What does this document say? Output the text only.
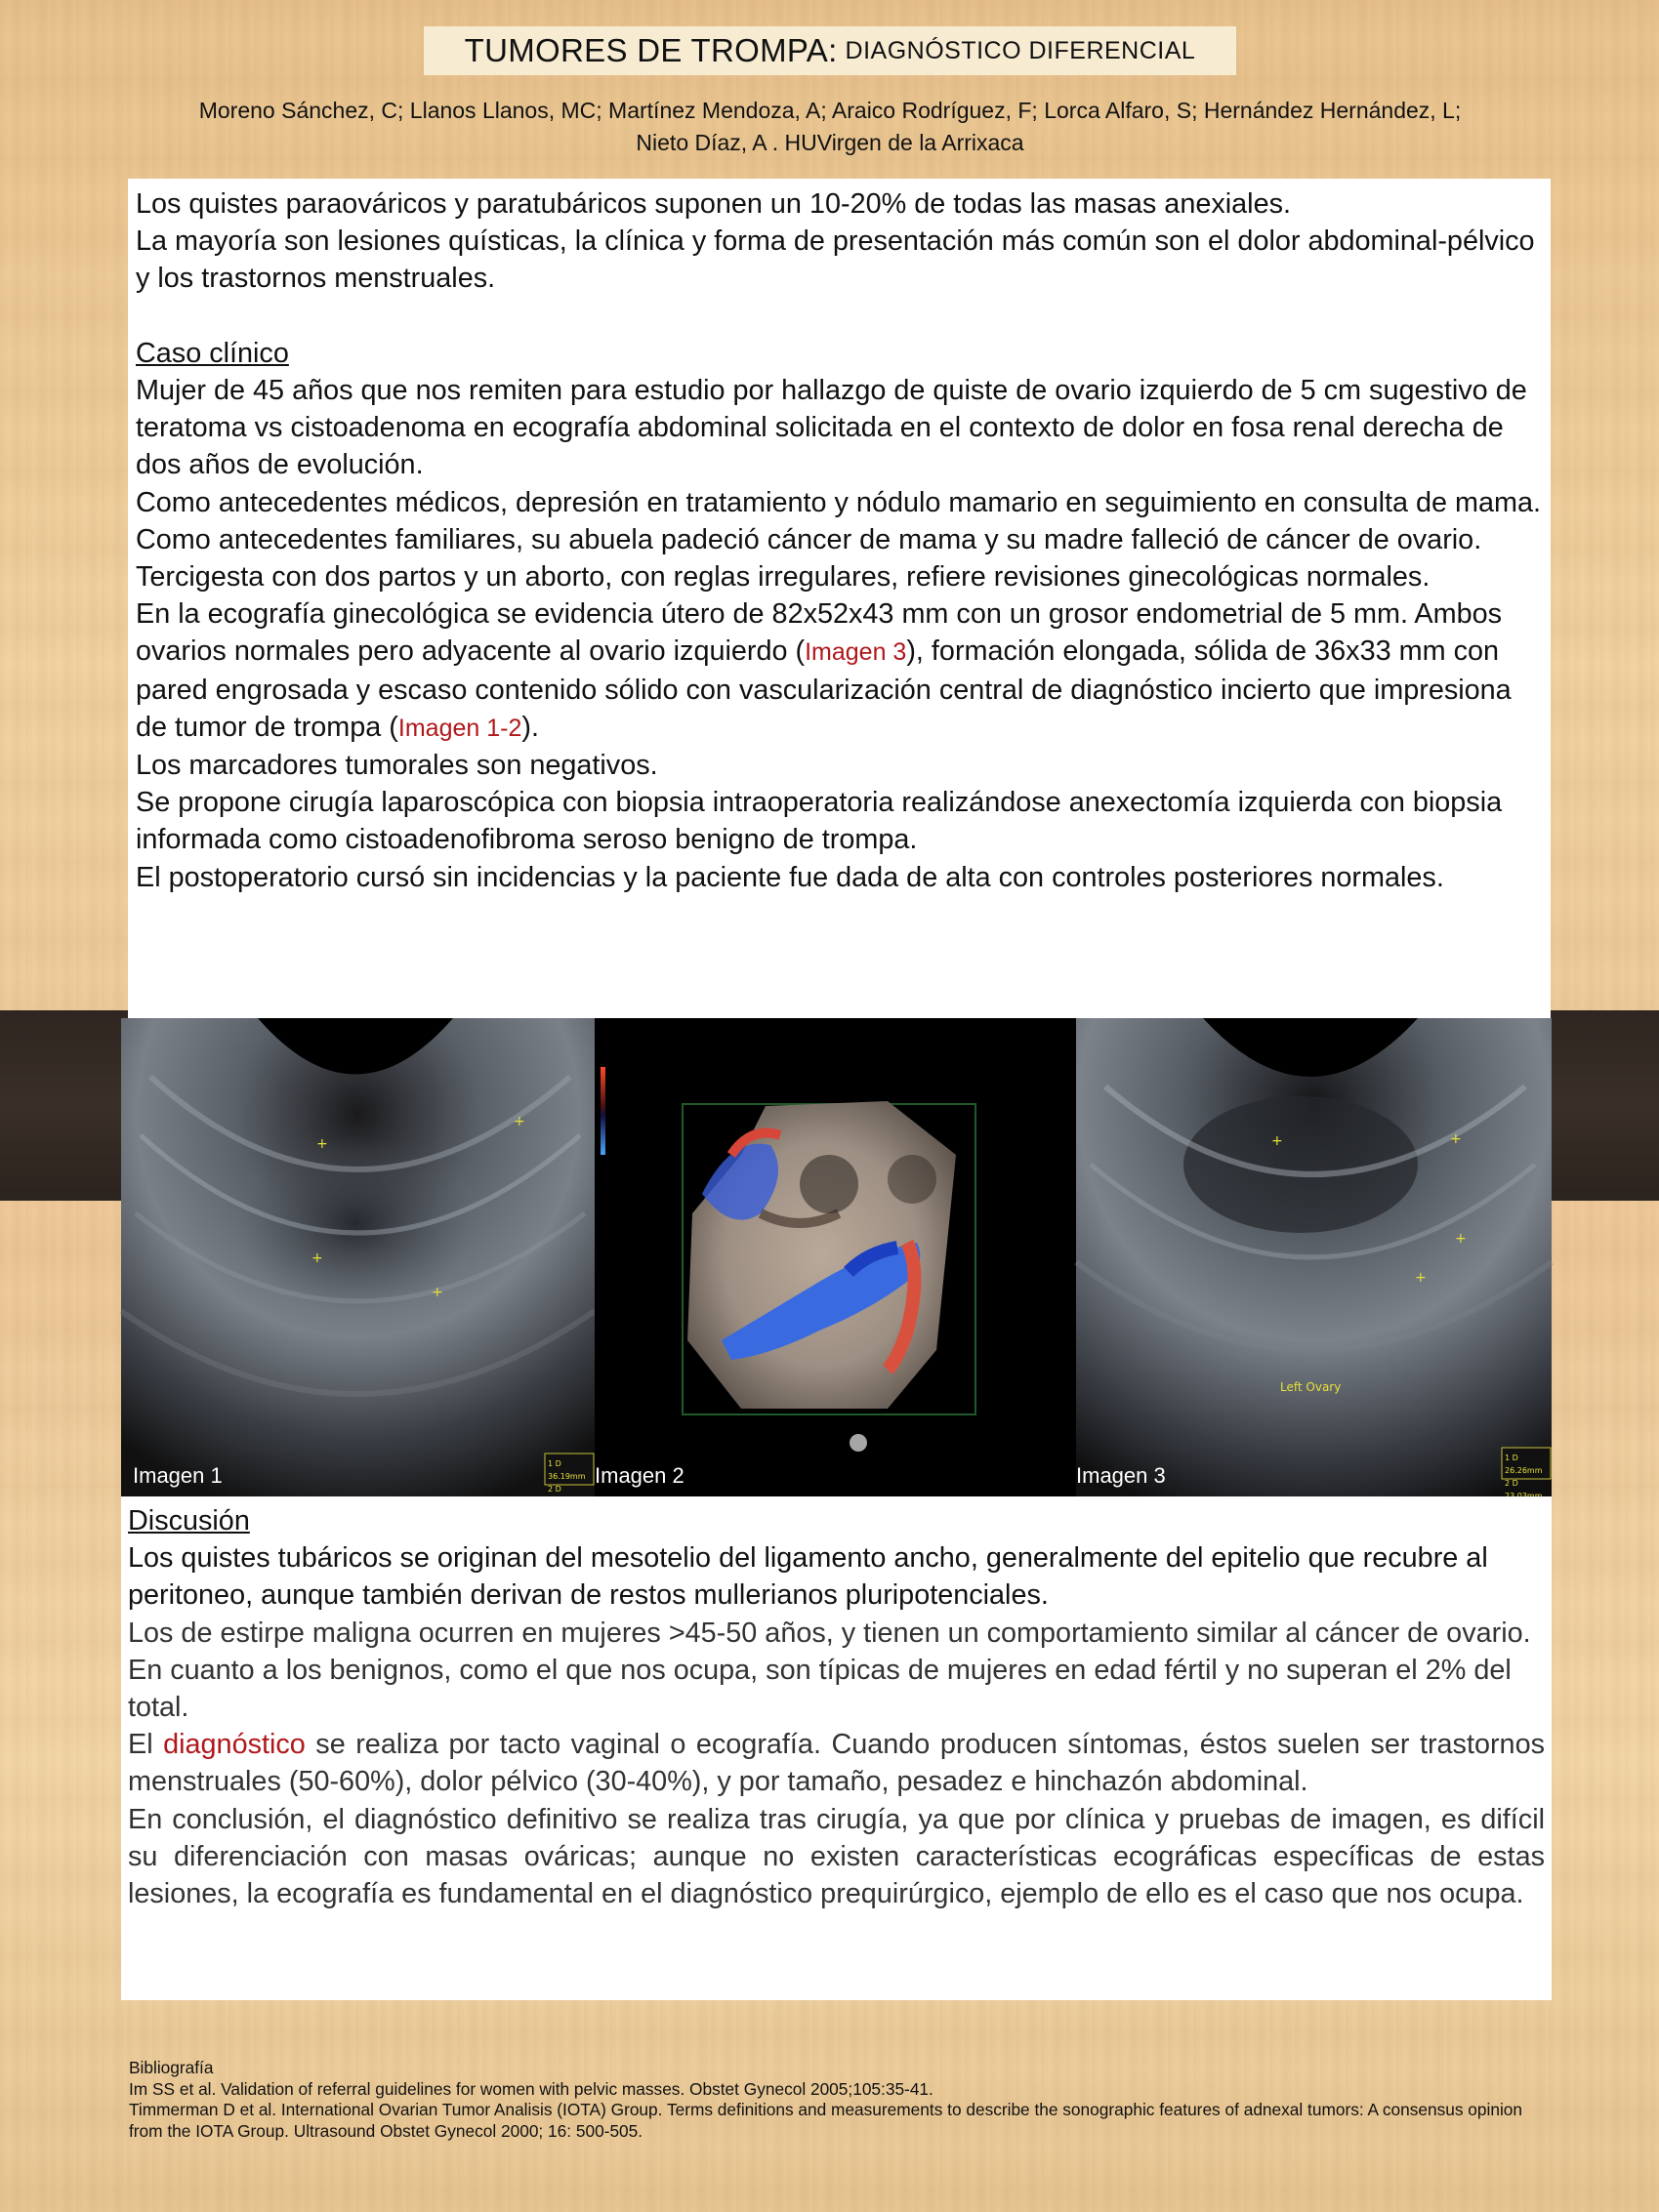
TUMORES DE TROMPA: DIAGNÓSTICO DIFERENCIAL
Moreno Sánchez, C; Llanos Llanos, MC; Martínez Mendoza, A; Araico Rodríguez, F; Lorca Alfaro, S; Hernández Hernández, L;
Nieto Díaz, A . HUVirgen de la Arrixaca

Los quistes paraováricos y paratubáricos suponen un 10-20% de todas las masas anexiales.

La mayoría son lesiones quísticas, la clínica y forma de presentación más común son el dolor abdominal-pélvico y los trastornos menstruales.

Caso clínico

Mujer de 45 años que nos remiten para estudio por hallazgo de quiste de ovario izquierdo de 5 cm sugestivo de teratoma vs cistoadenoma en ecografía abdominal solicitada en el contexto de dolor en fosa renal derecha de dos años de evolución.

Como antecedentes médicos, depresión en tratamiento y nódulo mamario en seguimiento en consulta de mama. Como antecedentes familiares, su abuela padeció cáncer de mama y su madre falleció de cáncer de ovario.

Tercigesta con dos partos y un aborto, con reglas irregulares, refiere revisiones ginecológicas normales.

En la ecografía ginecológica se evidencia útero de 82x52x43 mm con un grosor endometrial de 5 mm. Ambos ovarios normales pero adyacente al ovario izquierdo (Imagen 3), formación elongada, sólida de 36x33 mm con pared engrosada y escaso contenido sólido con vascularización central de diagnóstico incierto que impresiona de tumor de trompa (Imagen 1-2).

Los marcadores tumorales son negativos.

Se propone cirugía laparoscópica con biopsia intraoperatoria realizándose anexectomía izquierda con biopsia informada como cistoadenofibroma seroso benigno de trompa.

El postoperatorio cursó sin incidencias y la paciente fue dada de alta con controles posteriores normales.

+
+
+
+
1 D 36.19mm
2 D
Imagen 1	Imagen 2
+	+
+
+
Left Ovary
1 D 26.26mm
2 D
Imagen 3

Discusión

Los quistes tubáricos se originan del mesotelio del ligamento ancho, generalmente del epitelio que recubre al peritoneo, aunque también derivan de restos mullerianos pluripotenciales.

Los de estirpe maligna ocurren en mujeres >45-50 años, y tienen un comportamiento similar al cáncer de ovario. En cuanto a los benignos, como el que nos ocupa, son típicas de mujeres en edad fértil y no superan el 2% del total.

El diagnóstico se realiza por tacto vaginal o ecografía. Cuando producen síntomas, éstos suelen ser trastornos menstruales (50-60%), dolor pélvico (30-40%), y por tamaño, pesadez e hinchazón abdominal.

En conclusión, el diagnóstico definitivo se realiza tras cirugía, ya que por clínica y pruebas de imagen, es difícil su diferenciación con masas ováricas; aunque no existen características ecográficas específicas de estas lesiones, la ecografía es fundamental en el diagnóstico prequirúrgico, ejemplo de ello es el caso que nos ocupa.

Bibliografía

Im SS et al. Validation of referral guidelines for women with pelvic masses. Obstet Gynecol 2005;105:35-41.

Timmerman D et al. International Ovarian Tumor Analisis (IOTA) Group. Terms definitions and measurements to describe the sonographic features of adnexal tumors: A consensus opinion from the IOTA Group. Ultrasound Obstet Gynecol 2000; 16: 500-505.
